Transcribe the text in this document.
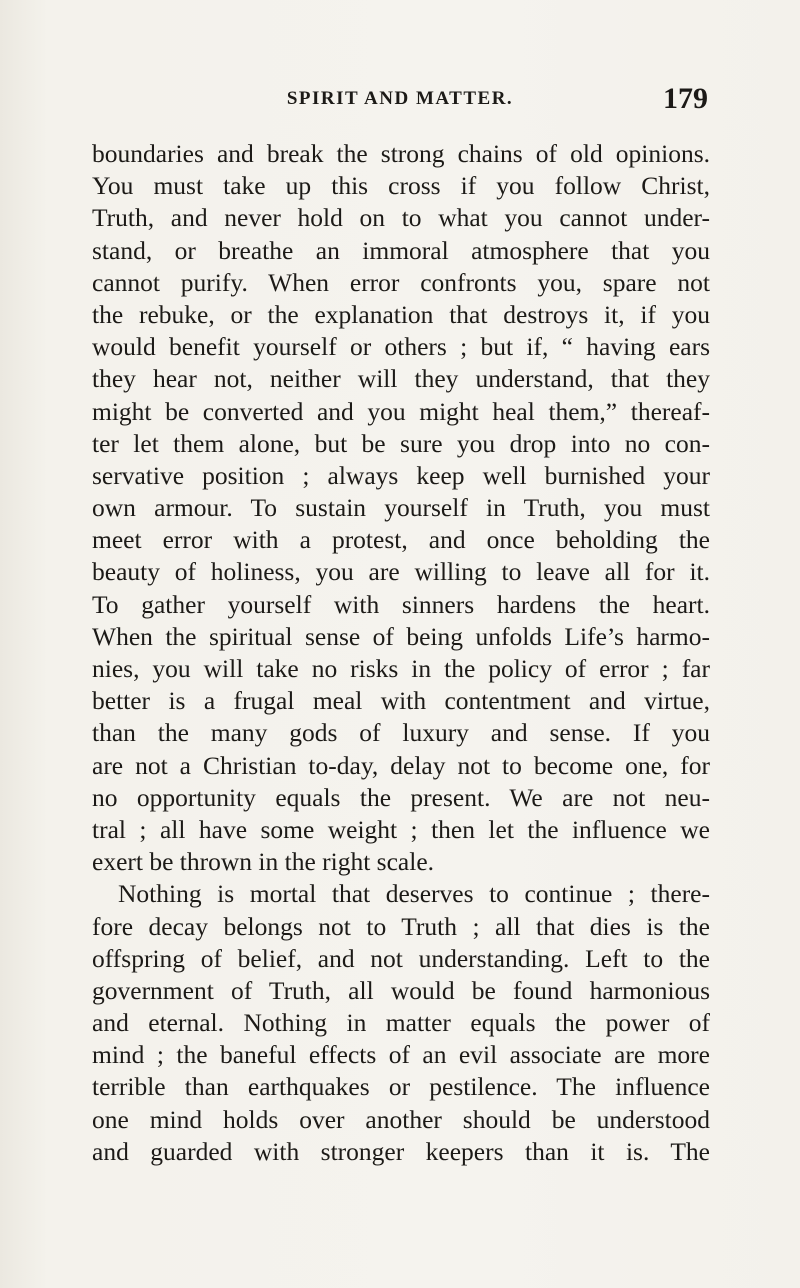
SPIRIT AND MATTER.	179
boundaries and break the strong chains of old opinions.
You must take up this cross if you follow Christ,
Truth, and never hold on to what you cannot under-
stand, or breathe an immoral atmosphere that you
cannot purify. When error confronts you, spare not
the rebuke, or the explanation that destroys it, if you
would benefit yourself or others ; but if, “ having ears
they hear not, neither will they understand, that they
might be converted and you might heal them,” thereaf-
ter let them alone, but be sure you drop into no con-
servative position ; always keep well burnished your
own armour. To sustain yourself in Truth, you must
meet error with a protest, and once beholding the
beauty of holiness, you are willing to leave all for it.
To gather yourself with sinners hardens the heart.
When the spiritual sense of being unfolds Life’s harmo-
nies, you will take no risks in the policy of error ; far
better is a frugal meal with contentment and virtue,
than the many gods of luxury and sense. If you
are not a Christian to-day, delay not to become one, for
no opportunity equals the present. We are not neu-
tral ; all have some weight ; then let the influence we
exert be thrown in the right scale.
Nothing is mortal that deserves to continue ; there-
fore decay belongs not to Truth ; all that dies is the
offspring of belief, and not understanding. Left to the
government of Truth, all would be found harmonious
and eternal. Nothing in matter equals the power of
mind ; the baneful effects of an evil associate are more
terrible than earthquakes or pestilence. The influence
one mind holds over another should be understood
and guarded with stronger keepers than it is. The
